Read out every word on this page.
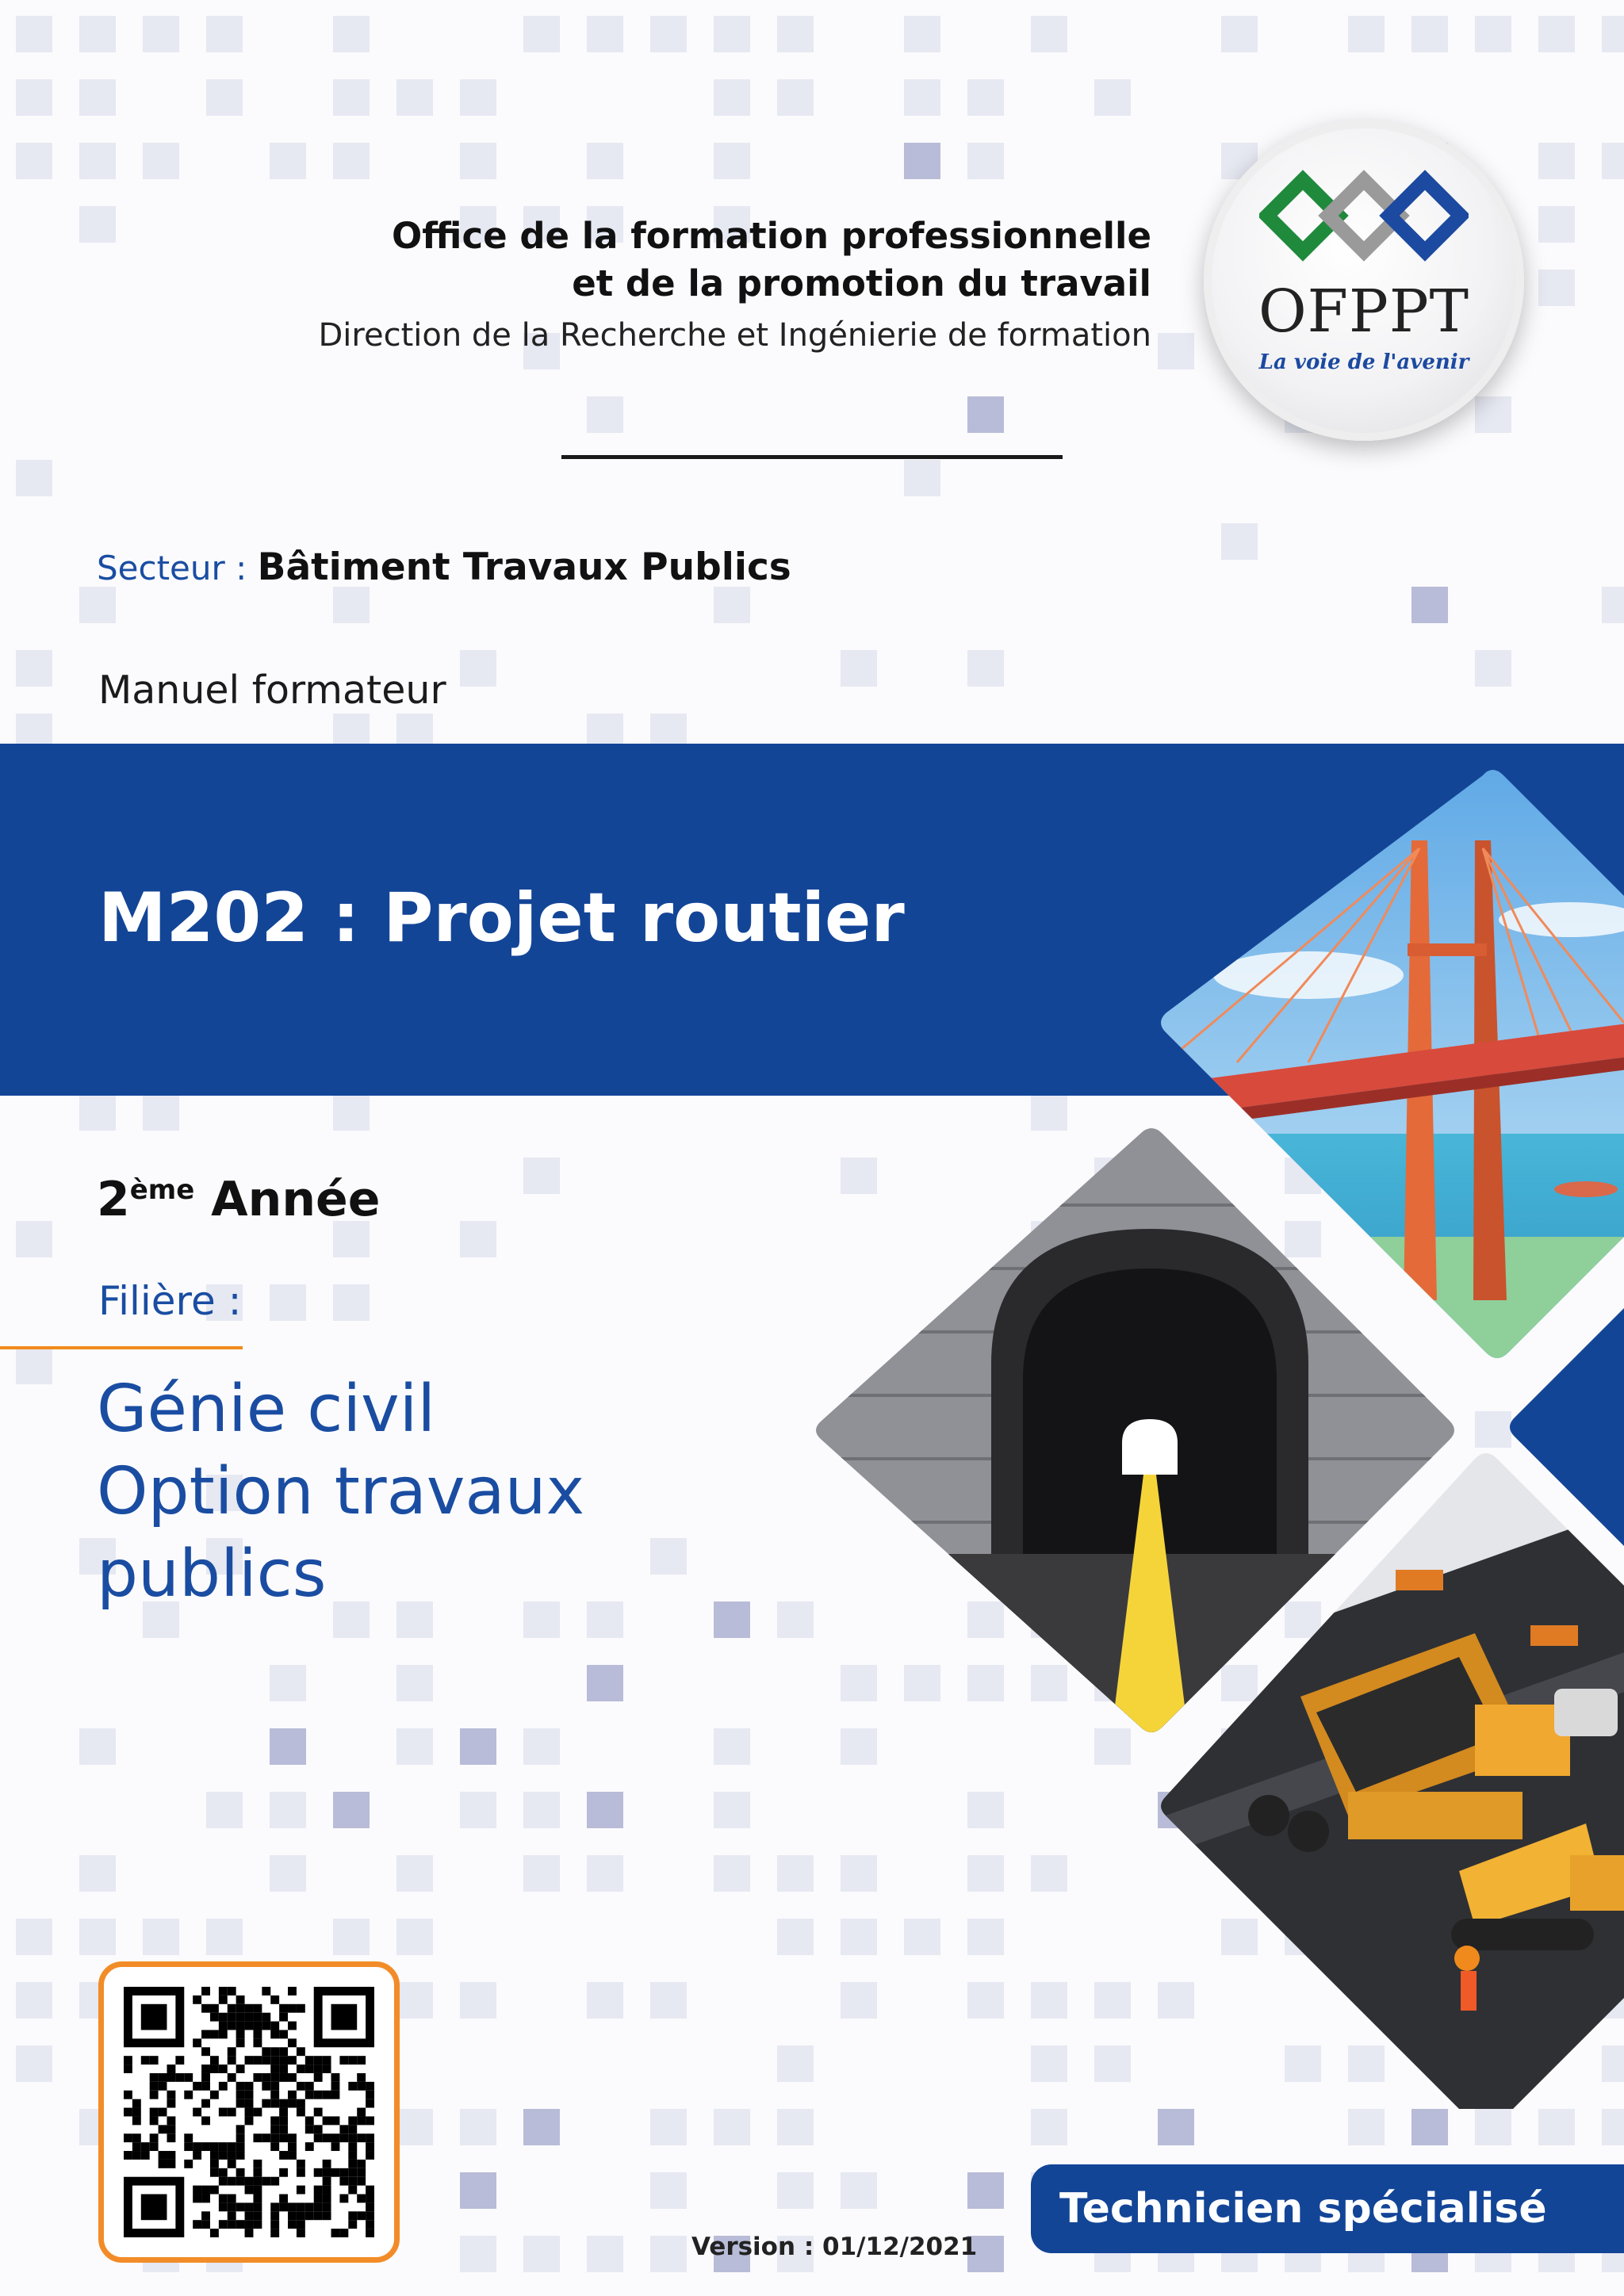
Office de la formation professionnelle
et de la promotion du travail
Direction de la Recherche et Ingénierie de formation	OFPPT
La voie de l'avenir
Secteur : Bâtiment Travaux Publics
Manuel formateur
M202 : Projet routier
2ème Année
Filière :
Génie civil
Option travaux
publics
Version : 01/12/2021
Technicien spécialisé
